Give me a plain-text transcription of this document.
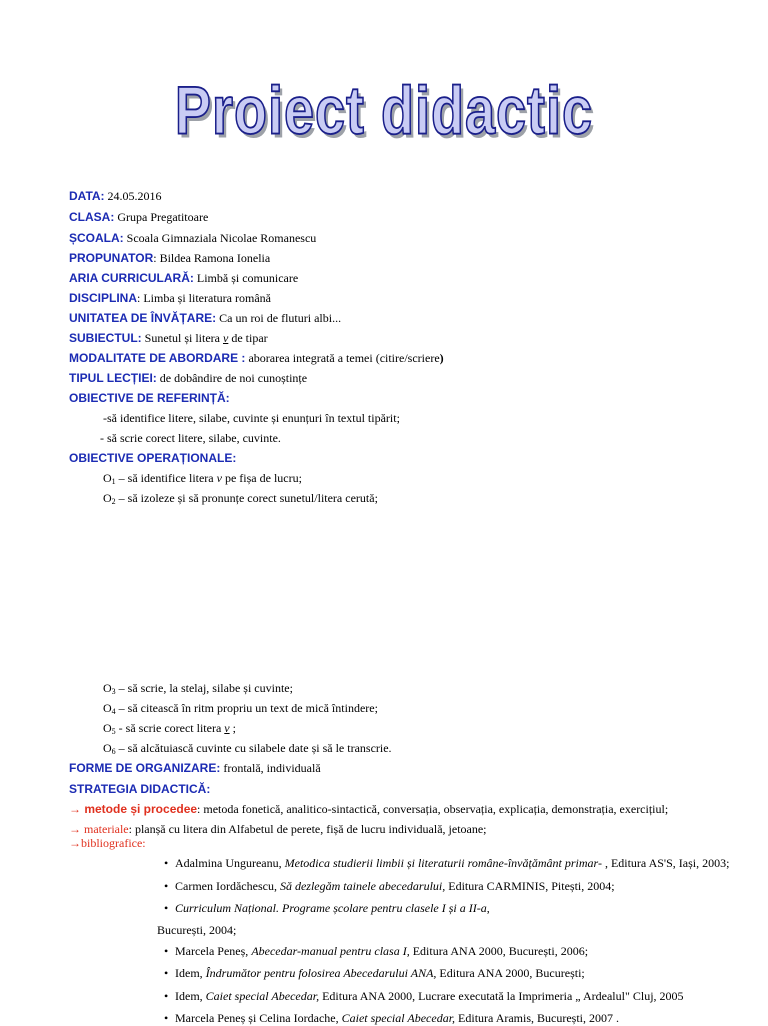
Proiect didactic
DATA: 24.05.2016
CLASA: Grupa Pregatitoare
ȘCOALA: Scoala Gimnaziala Nicolae Romanescu
PROPUNATOR: Bildea Ramona Ionelia
ARIA CURRICULARĂ: Limbă și comunicare
DISCIPLINA: Limba și literatura română
UNITATEA DE ÎNVĂȚARE: Ca un roi de fluturi albi...
SUBIECTUL: Sunetul și litera v de tipar
MODALITATE DE ABORDARE : aborarea integrată a temei (citire/scriere)
TIPUL LECȚIEI: de dobândire de noi cunoștințe
OBIECTIVE DE REFERINȚĂ:
-să identifice litere, silabe, cuvinte și enunțuri în textul tipărit;
- să scrie corect litere, silabe, cuvinte.
OBIECTIVE OPERAȚIONALE:
$O_1$ – să identifice litera v pe fișa de lucru;
$O_2$ – să izoleze și să pronunțe corect sunetul/litera cerută;
$O_3$ – să scrie, la stelaj, silabe și cuvinte;
$O_4$ – să citească în ritm propriu un text de mică întindere;
$O_5$ - să scrie corect litera v ;
$O_6$ – să alcătuiască cuvinte cu silabele date și să le transcrie.
FORME DE ORGANIZARE: frontală, individuală
STRATEGIA DIDACTICĂ:
→ metode și procedee: metoda fonetică, analitico-sintactică, conversația, observația, explicația, demonstrația, exercițiul;
→ materiale: planșă cu litera din Alfabetul de perete, fișă de lucru individuală, jetoane;
→bibliografice:
• Adalmina Ungureanu, Metodica studierii limbii și literaturii române-învățământ primar- , Editura AS'S, Iași, 2003;
• Carmen Iordăchescu, Să dezlegăm tainele abecedarului, Editura CARMINIS, Pitești, 2004;
• Curriculum Național. Programe școlare pentru clasele I și a II-a,
București, 2004;
• Marcela Peneș, Abecedar-manual pentru clasa I, Editura ANA 2000, București, 2006;
• Idem, Îndrumător pentru folosirea Abecedarului ANA, Editura ANA 2000, București;
• Idem, Caiet special Abecedar, Editura ANA 2000, Lucrare executată la Imprimeria „ Ardealul" Cluj, 2005
• Marcela Peneș și Celina Iordache, Caiet special Abecedar, Editura Aramis, București, 2007 .
